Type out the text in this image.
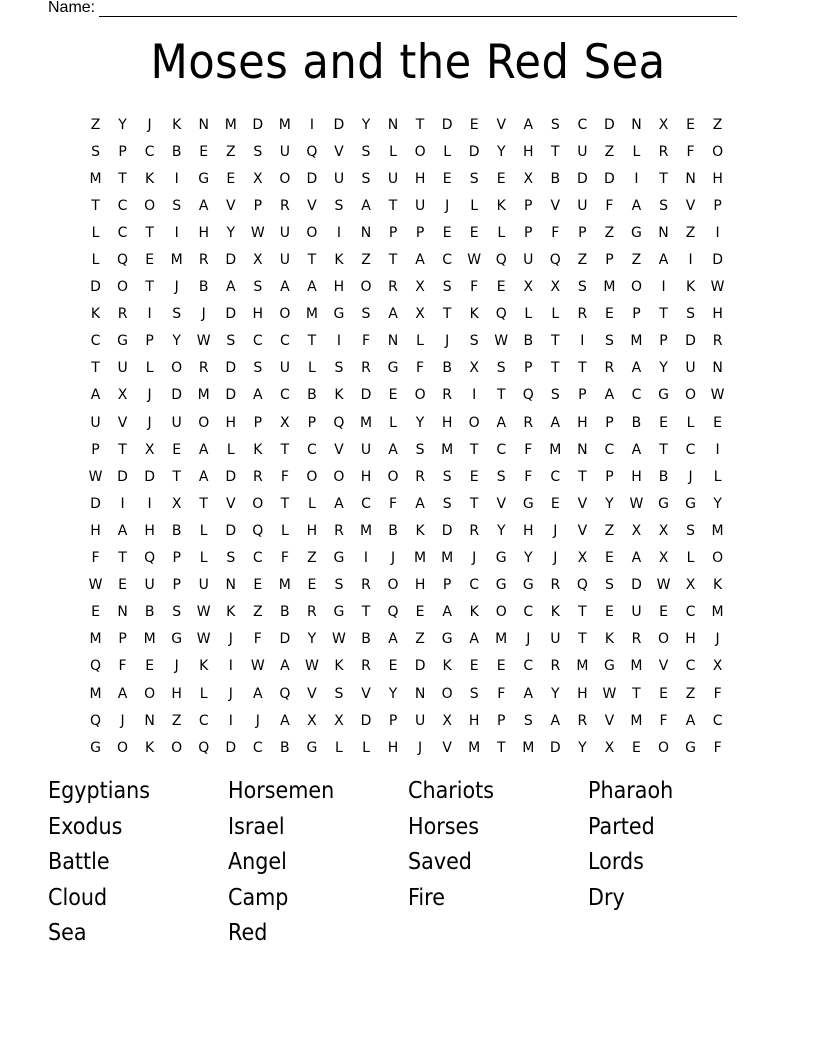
Name:
Moses and the Red Sea
Z	Y	J	K	N	M	D	M	I	D	Y	N	T	D	E	V	A	S	C	D	N	X	E	Z
S	P	C	B	E	Z	S	U	Q	V	S	L	O	L	D	Y	H	T	U	Z	L	R	F	O
M	T	K	I	G	E	X	O	D	U	S	U	H	E	S	E	X	B	D	D	I	T	N	H
T	C	O	S	A	V	P	R	V	S	A	T	U	J	L	K	P	V	U	F	A	S	V	P
L	C	T	I	H	Y	W	U	O	I	N	P	P	E	E	L	P	F	P	Z	G	N	Z	I
L	Q	E	M	R	D	X	U	T	K	Z	T	A	C	W	Q	U	Q	Z	P	Z	A	I	D
D	O	T	J	B	A	S	A	A	H	O	R	X	S	F	E	X	X	S	M	O	I	K	W
K	R	I	S	J	D	H	O	M	G	S	A	X	T	K	Q	L	L	R	E	P	T	S	H
C	G	P	Y	W	S	C	C	T	I	F	N	L	J	S	W	B	T	I	S	M	P	D	R
T	U	L	O	R	D	S	U	L	S	R	G	F	B	X	S	P	T	T	R	A	Y	U	N
A	X	J	D	M	D	A	C	B	K	D	E	O	R	I	T	Q	S	P	A	C	G	O	W
U	V	J	U	O	H	P	X	P	Q	M	L	Y	H	O	A	R	A	H	P	B	E	L	E
P	T	X	E	A	L	K	T	C	V	U	A	S	M	T	C	F	M	N	C	A	T	C	I
W	D	D	T	A	D	R	F	O	O	H	O	R	S	E	S	F	C	T	P	H	B	J	L
D	I	I	X	T	V	O	T	L	A	C	F	A	S	T	V	G	E	V	Y	W	G	G	Y
H	A	H	B	L	D	Q	L	H	R	M	B	K	D	R	Y	H	J	V	Z	X	X	S	M
F	T	Q	P	L	S	C	F	Z	G	I	J	M	M	J	G	Y	J	X	E	A	X	L	O
W	E	U	P	U	N	E	M	E	S	R	O	H	P	C	G	G	R	Q	S	D	W	X	K
E	N	B	S	W	K	Z	B	R	G	T	Q	E	A	K	O	C	K	T	E	U	E	C	M
M	P	M	G	W	J	F	D	Y	W	B	A	Z	G	A	M	J	U	T	K	R	O	H	J
Q	F	E	J	K	I	W	A	W	K	R	E	D	K	E	E	C	R	M	G	M	V	C	X
M	A	O	H	L	J	A	Q	V	S	V	Y	N	O	S	F	A	Y	H	W	T	E	Z	F
Q	J	N	Z	C	I	J	A	X	X	D	P	U	X	H	P	S	A	R	V	M	F	A	C
G	O	K	O	Q	D	C	B	G	L	L	H	J	V	M	T	M	D	Y	X	E	O	G	F
Egyptians	Horsemen	Chariots	Pharaoh
Exodus	Israel	Horses	Parted
Battle	Angel	Saved	Lords
Cloud	Camp	Fire	Dry
Sea	Red
